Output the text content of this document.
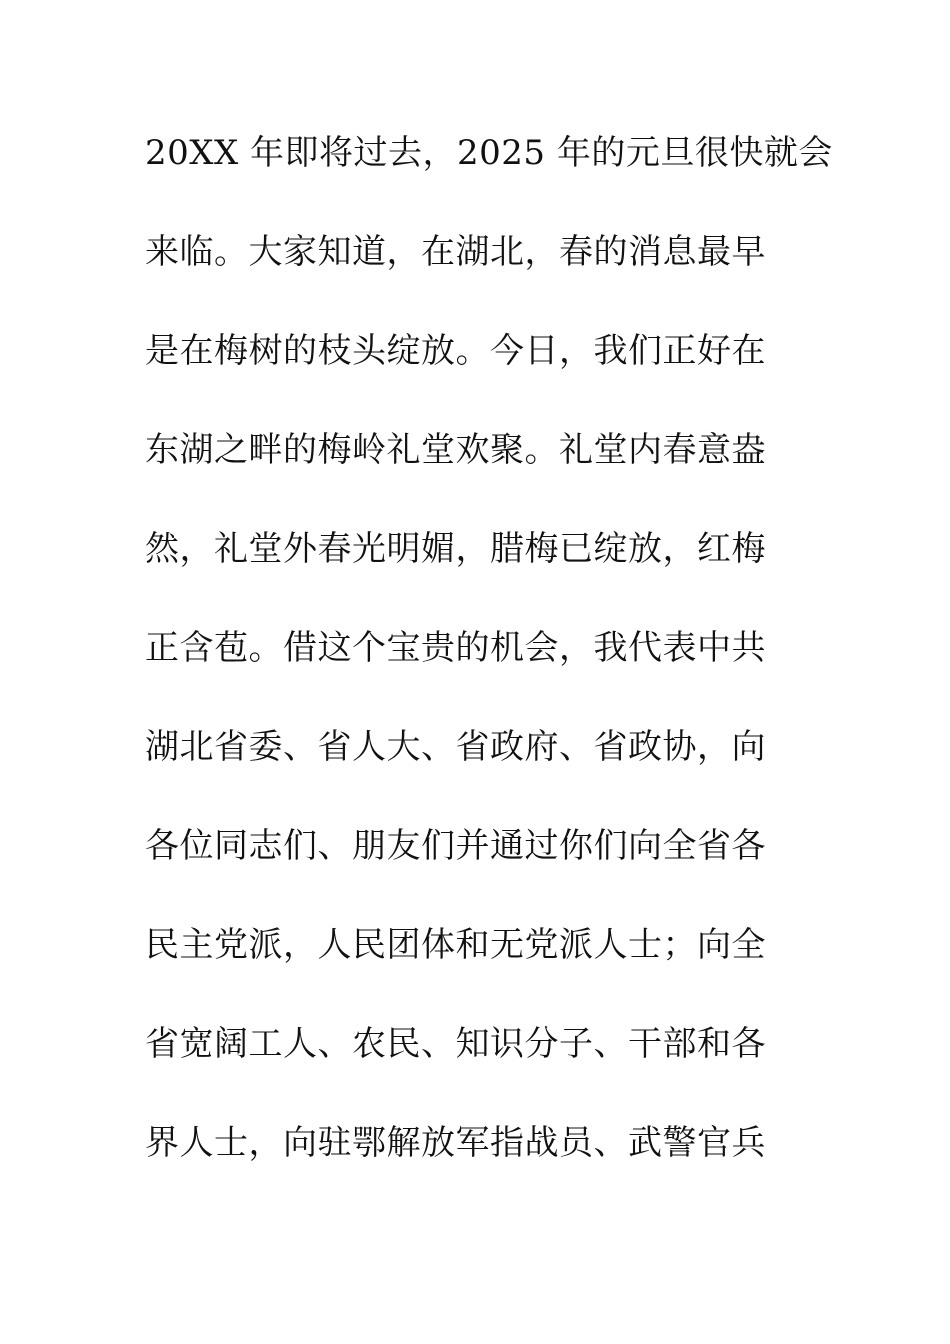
20XX 年即将过去，2025 年的元旦很快就会
来临。大家知道，在湖北，春的消息最早
是在梅树的枝头绽放。今日，我们正好在
东湖之畔的梅岭礼堂欢聚。礼堂内春意盎
然，礼堂外春光明媚，腊梅已绽放，红梅
正含苞。借这个宝贵的机会，我代表中共
湖北省委、省人大、省政府、省政协，向
各位同志们、朋友们并通过你们向全省各
民主党派，人民团体和无党派人士；向全
省宽阔工人、农民、知识分子、干部和各
界人士，向驻鄂解放军指战员、武警官兵
